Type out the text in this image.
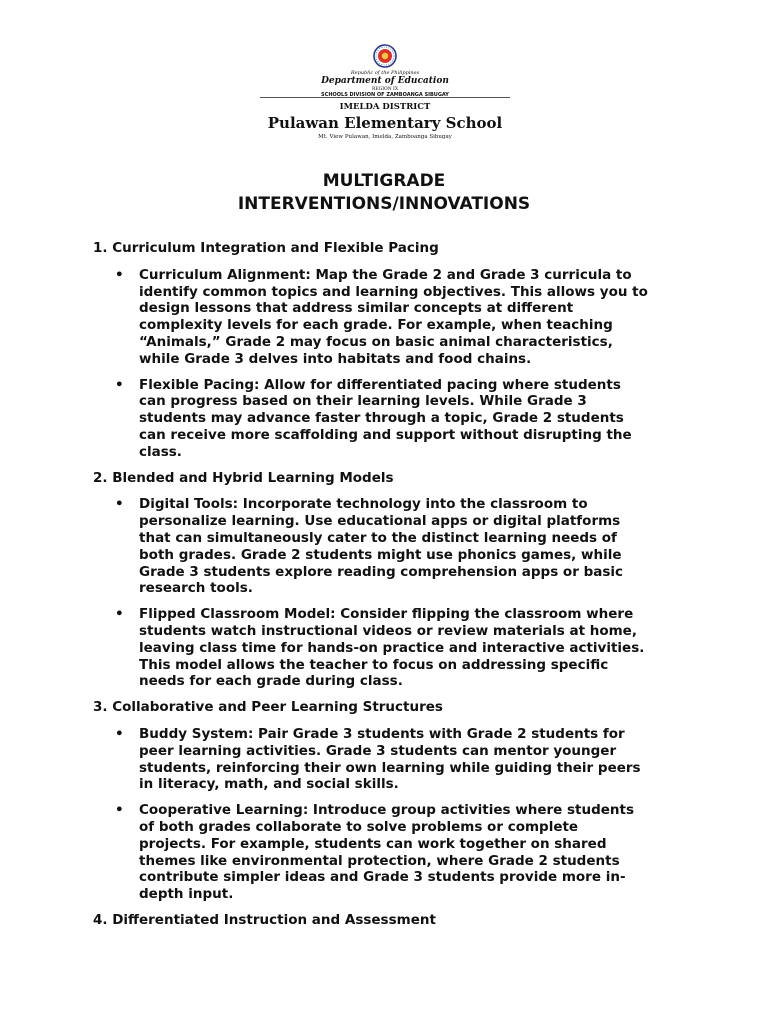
Republic of the Philippines
Department of Education
REGION IX
SCHOOLS DIVISION OF ZAMBOANGA SIBUGAY
IMELDA DISTRICT
Pulawan Elementary School
Mt. View Pulawan, Imelda, Zamboanga Sibugay
MULTIGRADE
INTERVENTIONS/INNOVATIONS
1. Curriculum Integration and Flexible Pacing
• Curriculum Alignment: Map the Grade 2 and Grade 3 curricula to
identify common topics and learning objectives. This allows you to
design lessons that address similar concepts at different
complexity levels for each grade. For example, when teaching
“Animals,” Grade 2 may focus on basic animal characteristics,
while Grade 3 delves into habitats and food chains.
• Flexible Pacing: Allow for differentiated pacing where students
can progress based on their learning levels. While Grade 3
students may advance faster through a topic, Grade 2 students
can receive more scaffolding and support without disrupting the
class.
2. Blended and Hybrid Learning Models
• Digital Tools: Incorporate technology into the classroom to
personalize learning. Use educational apps or digital platforms
that can simultaneously cater to the distinct learning needs of
both grades. Grade 2 students might use phonics games, while
Grade 3 students explore reading comprehension apps or basic
research tools.
• Flipped Classroom Model: Consider flipping the classroom where
students watch instructional videos or review materials at home,
leaving class time for hands-on practice and interactive activities.
This model allows the teacher to focus on addressing specific
needs for each grade during class.
3. Collaborative and Peer Learning Structures
• Buddy System: Pair Grade 3 students with Grade 2 students for
peer learning activities. Grade 3 students can mentor younger
students, reinforcing their own learning while guiding their peers
in literacy, math, and social skills.
• Cooperative Learning: Introduce group activities where students
of both grades collaborate to solve problems or complete
projects. For example, students can work together on shared
themes like environmental protection, where Grade 2 students
contribute simpler ideas and Grade 3 students provide more in-
depth input.
4. Differentiated Instruction and Assessment
